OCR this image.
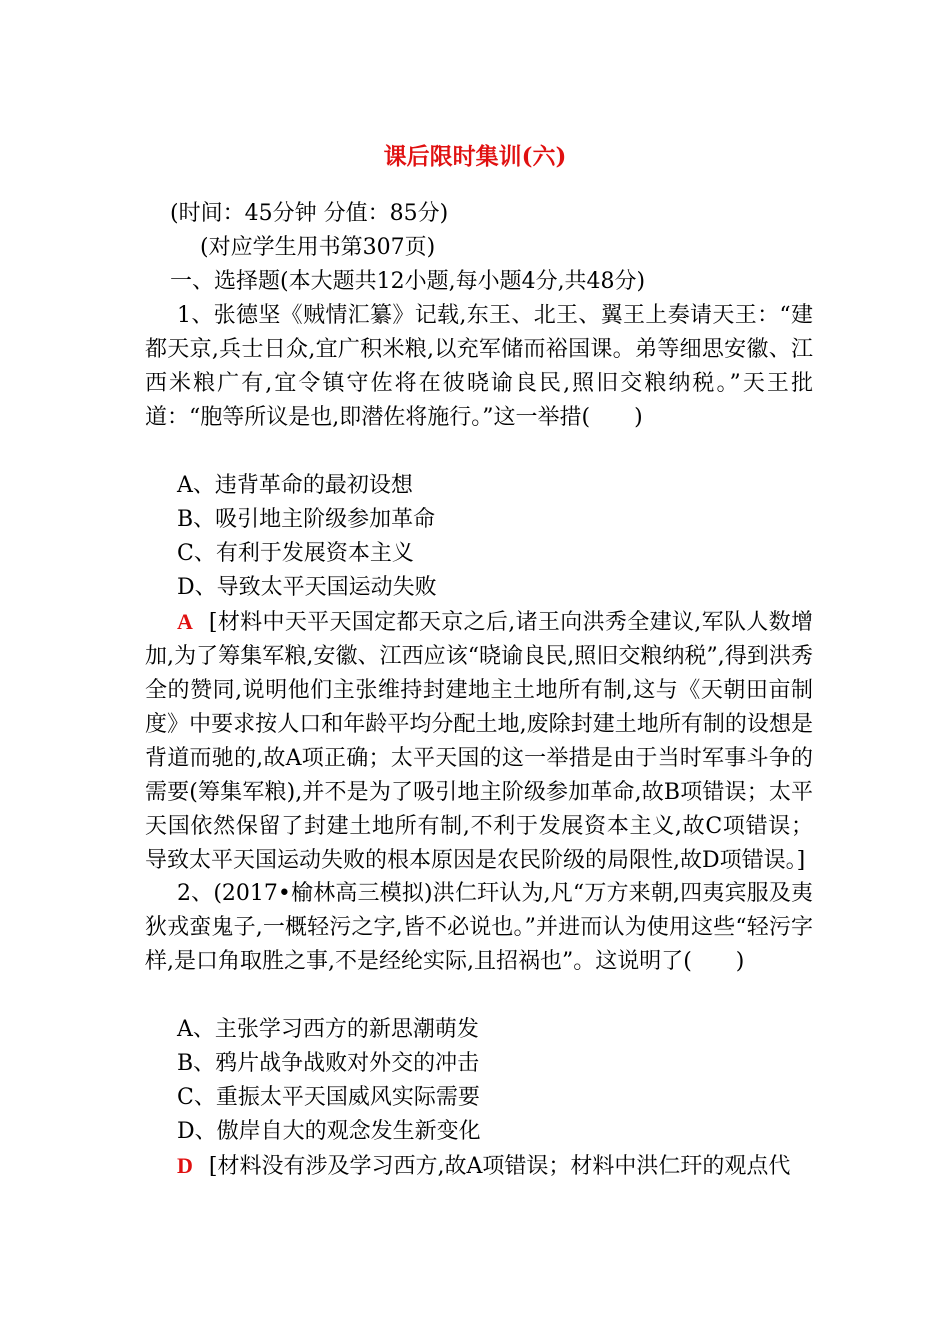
课后限时集训(六)
(时间：45分钟 分值：85分)
(对应学生用书第307页)
一、选择题(本大题共12小题,每小题4分,共48分)
1、张德坚《贼情汇纂》记载,东王、北王、翼王上奏请天王：“建都天京,兵士日众,宜广积米粮,以充军储而裕国课。弟等细思安徽、江西米粮广有,宜令镇守佐将在彼晓谕良民,照旧交粮纳税。”天王批道：“胞等所议是也,即潜佐将施行。”这一举措(　　)
A、违背革命的最初设想
B、吸引地主阶级参加革命
C、有利于发展资本主义
D、导致太平天国运动失败
A [材料中天平天国定都天京之后,诸王向洪秀全建议,军队人数增加,为了筹集军粮,安徽、江西应该“晓谕良民,照旧交粮纳税”,得到洪秀全的赞同,说明他们主张维持封建地主土地所有制,这与《天朝田亩制度》中要求按人口和年龄平均分配土地,废除封建土地所有制的设想是背道而驰的,故A项正确；太平天国的这一举措是由于当时军事斗争的需要(筹集军粮),并不是为了吸引地主阶级参加革命,故B项错误；太平天国依然保留了封建土地所有制,不利于发展资本主义,故C项错误；导致太平天国运动失败的根本原因是农民阶级的局限性,故D项错误。]
2、(2017•榆林高三模拟)洪仁玕认为,凡“万方来朝,四夷宾服及夷狄戎蛮鬼子,一概轻污之字,皆不必说也。”并进而认为使用这些“轻污字样,是口角取胜之事,不是经纶实际,且招祸也”。这说明了(　　)
A、主张学习西方的新思潮萌发
B、鸦片战争战败对外交的冲击
C、重振太平天国威风实际需要
D、傲岸自大的观念发生新变化
D [材料没有涉及学习西方,故A项错误；材料中洪仁玕的观点代
